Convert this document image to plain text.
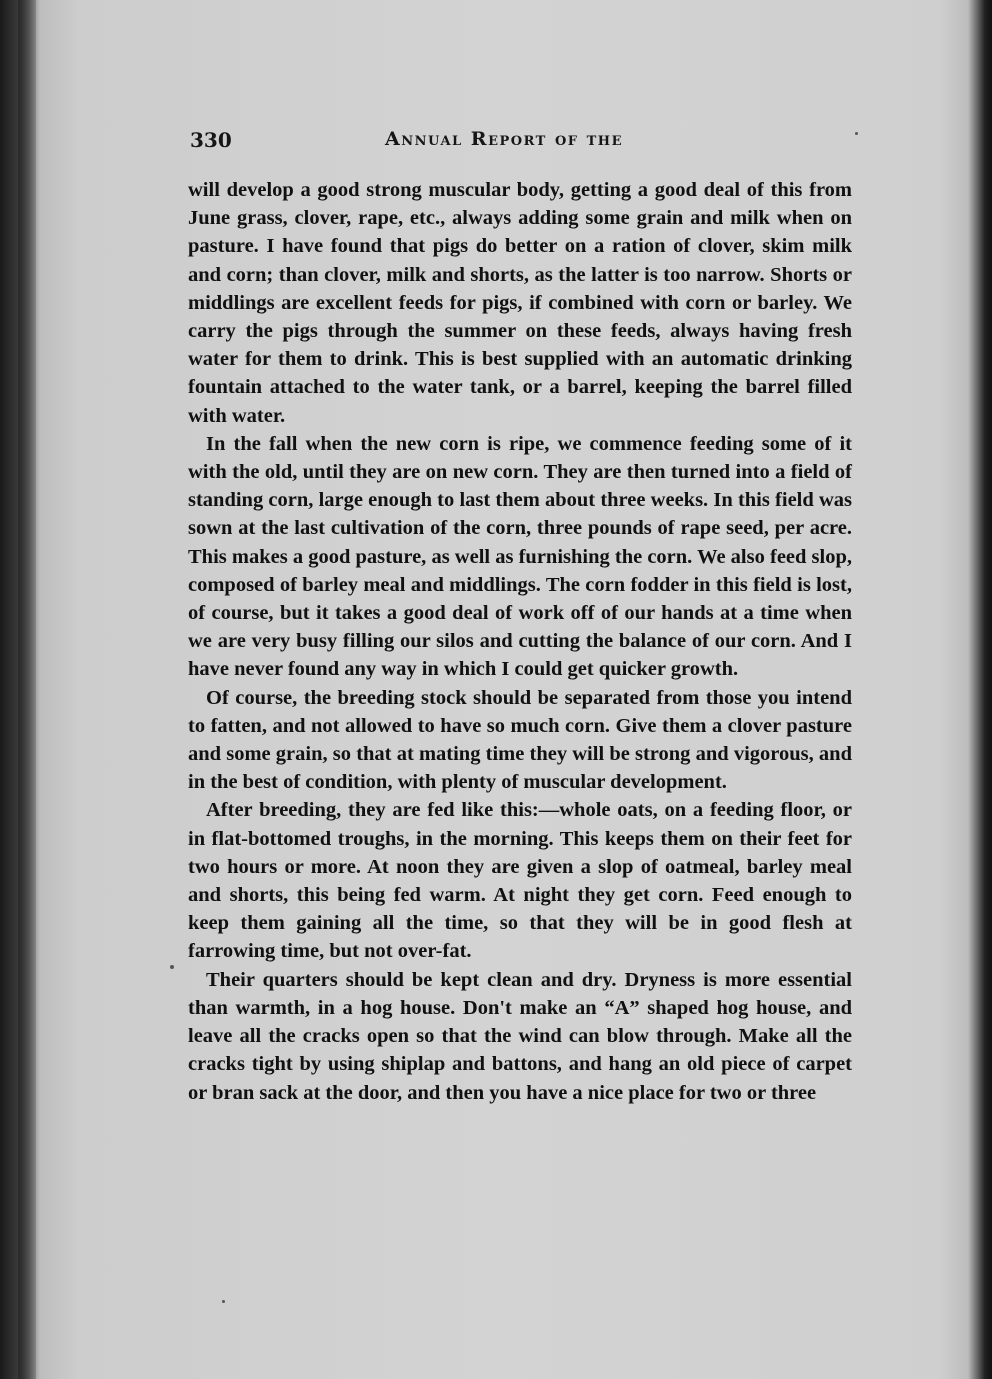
330	Annual Report of the

will develop a good strong muscular body, getting a good deal of this from June grass, clover, rape, etc., always adding some grain and milk when on pasture. I have found that pigs do better on a ration of clover, skim milk and corn; than clover, milk and shorts, as the latter is too narrow. Shorts or middlings are excellent feeds for pigs, if combined with corn or barley. We carry the pigs through the summer on these feeds, always having fresh water for them to drink. This is best supplied with an automatic drinking fountain attached to the water tank, or a barrel, keeping the barrel filled with water.

In the fall when the new corn is ripe, we commence feeding some of it with the old, until they are on new corn. They are then turned into a field of standing corn, large enough to last them about three weeks. In this field was sown at the last cultivation of the corn, three pounds of rape seed, per acre. This makes a good pasture, as well as furnishing the corn. We also feed slop, composed of barley meal and middlings. The corn fodder in this field is lost, of course, but it takes a good deal of work off of our hands at a time when we are very busy filling our silos and cutting the balance of our corn. And I have never found any way in which I could get quicker growth.

Of course, the breeding stock should be separated from those you intend to fatten, and not allowed to have so much corn. Give them a clover pasture and some grain, so that at mating time they will be strong and vigorous, and in the best of condition, with plenty of muscular development.

After breeding, they are fed like this:—whole oats, on a feeding floor, or in flat-bottomed troughs, in the morning. This keeps them on their feet for two hours or more. At noon they are given a slop of oatmeal, barley meal and shorts, this being fed warm. At night they get corn. Feed enough to keep them gaining all the time, so that they will be in good flesh at farrowing time, but not over-fat.

Their quarters should be kept clean and dry. Dryness is more essential than warmth, in a hog house. Don't make an “A” shaped hog house, and leave all the cracks open so that the wind can blow through. Make all the cracks tight by using shiplap and battons, and hang an old piece of carpet or bran sack at the door, and then you have a nice place for two or three
